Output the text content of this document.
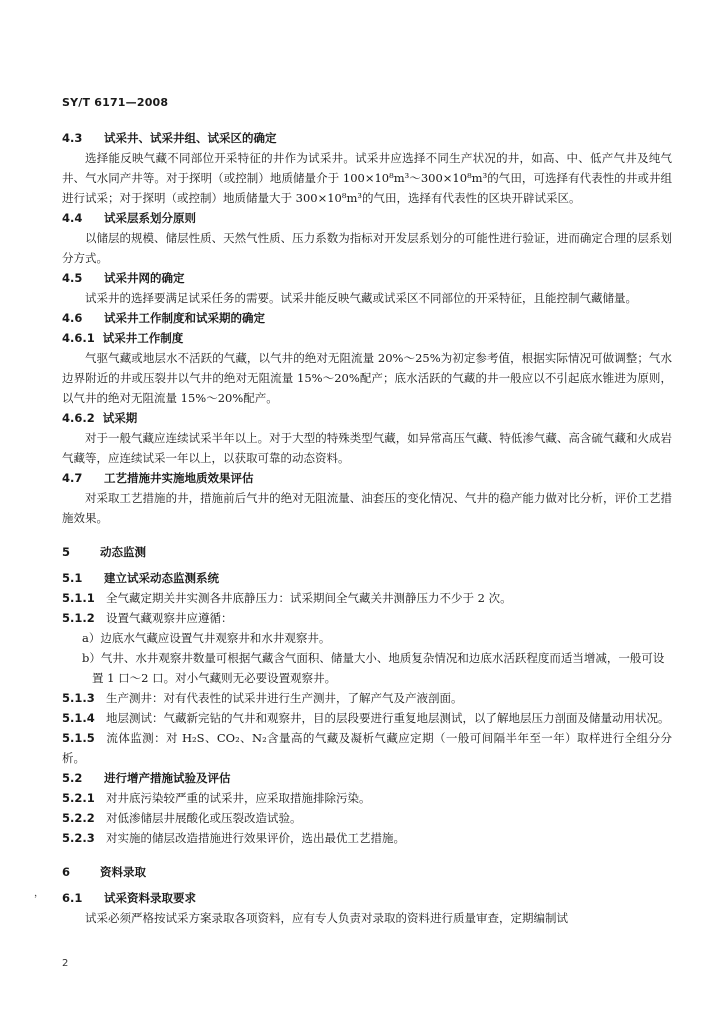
SY/T 6171—2008
4.3 试采井、试采井组、试采区的确定
选择能反映气藏不同部位开采特征的井作为试采井。试采井应选择不同生产状况的井，如高、中、低产气井及纯气井、气水同产井等。对于探明（或控制）地质储量介于 100×10⁸m³～300×10⁸m³的气田，可选择有代表性的井或井组进行试采；对于探明（或控制）地质储量大于 300×10⁸m³的气田，选择有代表性的区块开辟试采区。
4.4 试采层系划分原则
以储层的规模、储层性质、天然气性质、压力系数为指标对开发层系划分的可能性进行验证，进而确定合理的层系划分方式。
4.5 试采井网的确定
试采井的选择要满足试采任务的需要。试采井能反映气藏或试采区不同部位的开采特征，且能控制气藏储量。
4.6 试采井工作制度和试采期的确定
4.6.1 试采井工作制度
气驱气藏或地层水不活跃的气藏，以气井的绝对无阻流量 20%～25%为初定参考值，根据实际情况可做调整；气水边界附近的井或压裂井以气井的绝对无阻流量 15%～20%配产；底水活跃的气藏的井一般应以不引起底水锥进为原则，以气井的绝对无阻流量 15%～20%配产。
4.6.2 试采期
对于一般气藏应连续试采半年以上。对于大型的特殊类型气藏，如异常高压气藏、特低渗气藏、高含硫气藏和火成岩气藏等，应连续试采一年以上，以获取可靠的动态资料。
4.7 工艺措施井实施地质效果评估
对采取工艺措施的井，措施前后气井的绝对无阻流量、油套压的变化情况、气井的稳产能力做对比分析，评价工艺措施效果。
5	动态监测
5.1 建立试采动态监测系统
5.1.1 全气藏定期关井实测各井底静压力：试采期间全气藏关井测静压力不少于 2 次。
5.1.2 设置气藏观察井应遵循：
a）边底水气藏应设置气井观察井和水井观察井。
b）气井、水井观察井数量可根据气藏含气面积、储量大小、地质复杂情况和边底水活跃程度而适当增减，一般可设置 1 口～2 口。对小气藏则无必要设置观察井。
5.1.3 生产测井：对有代表性的试采井进行生产测井，了解产气及产液剖面。
5.1.4 地层测试：气藏新完钻的气井和观察井，目的层段要进行重复地层测试，以了解地层压力剖面及储量动用状况。
5.1.5 流体监测：对 H₂S、CO₂、N₂含量高的气藏及凝析气藏应定期（一般可间隔半年至一年）取样进行全组分分析。
5.2 进行增产措施试验及评估
5.2.1 对井底污染较严重的试采井，应采取措施排除污染。
5.2.2 对低渗储层井展酸化或压裂改造试验。
5.2.3 对实施的储层改造措施进行效果评价，选出最优工艺措施。
6	资料录取
6.1 试采资料录取要求
试采必须严格按试采方案录取各项资料，应有专人负责对录取的资料进行质量审查，定期编制试
，
2
